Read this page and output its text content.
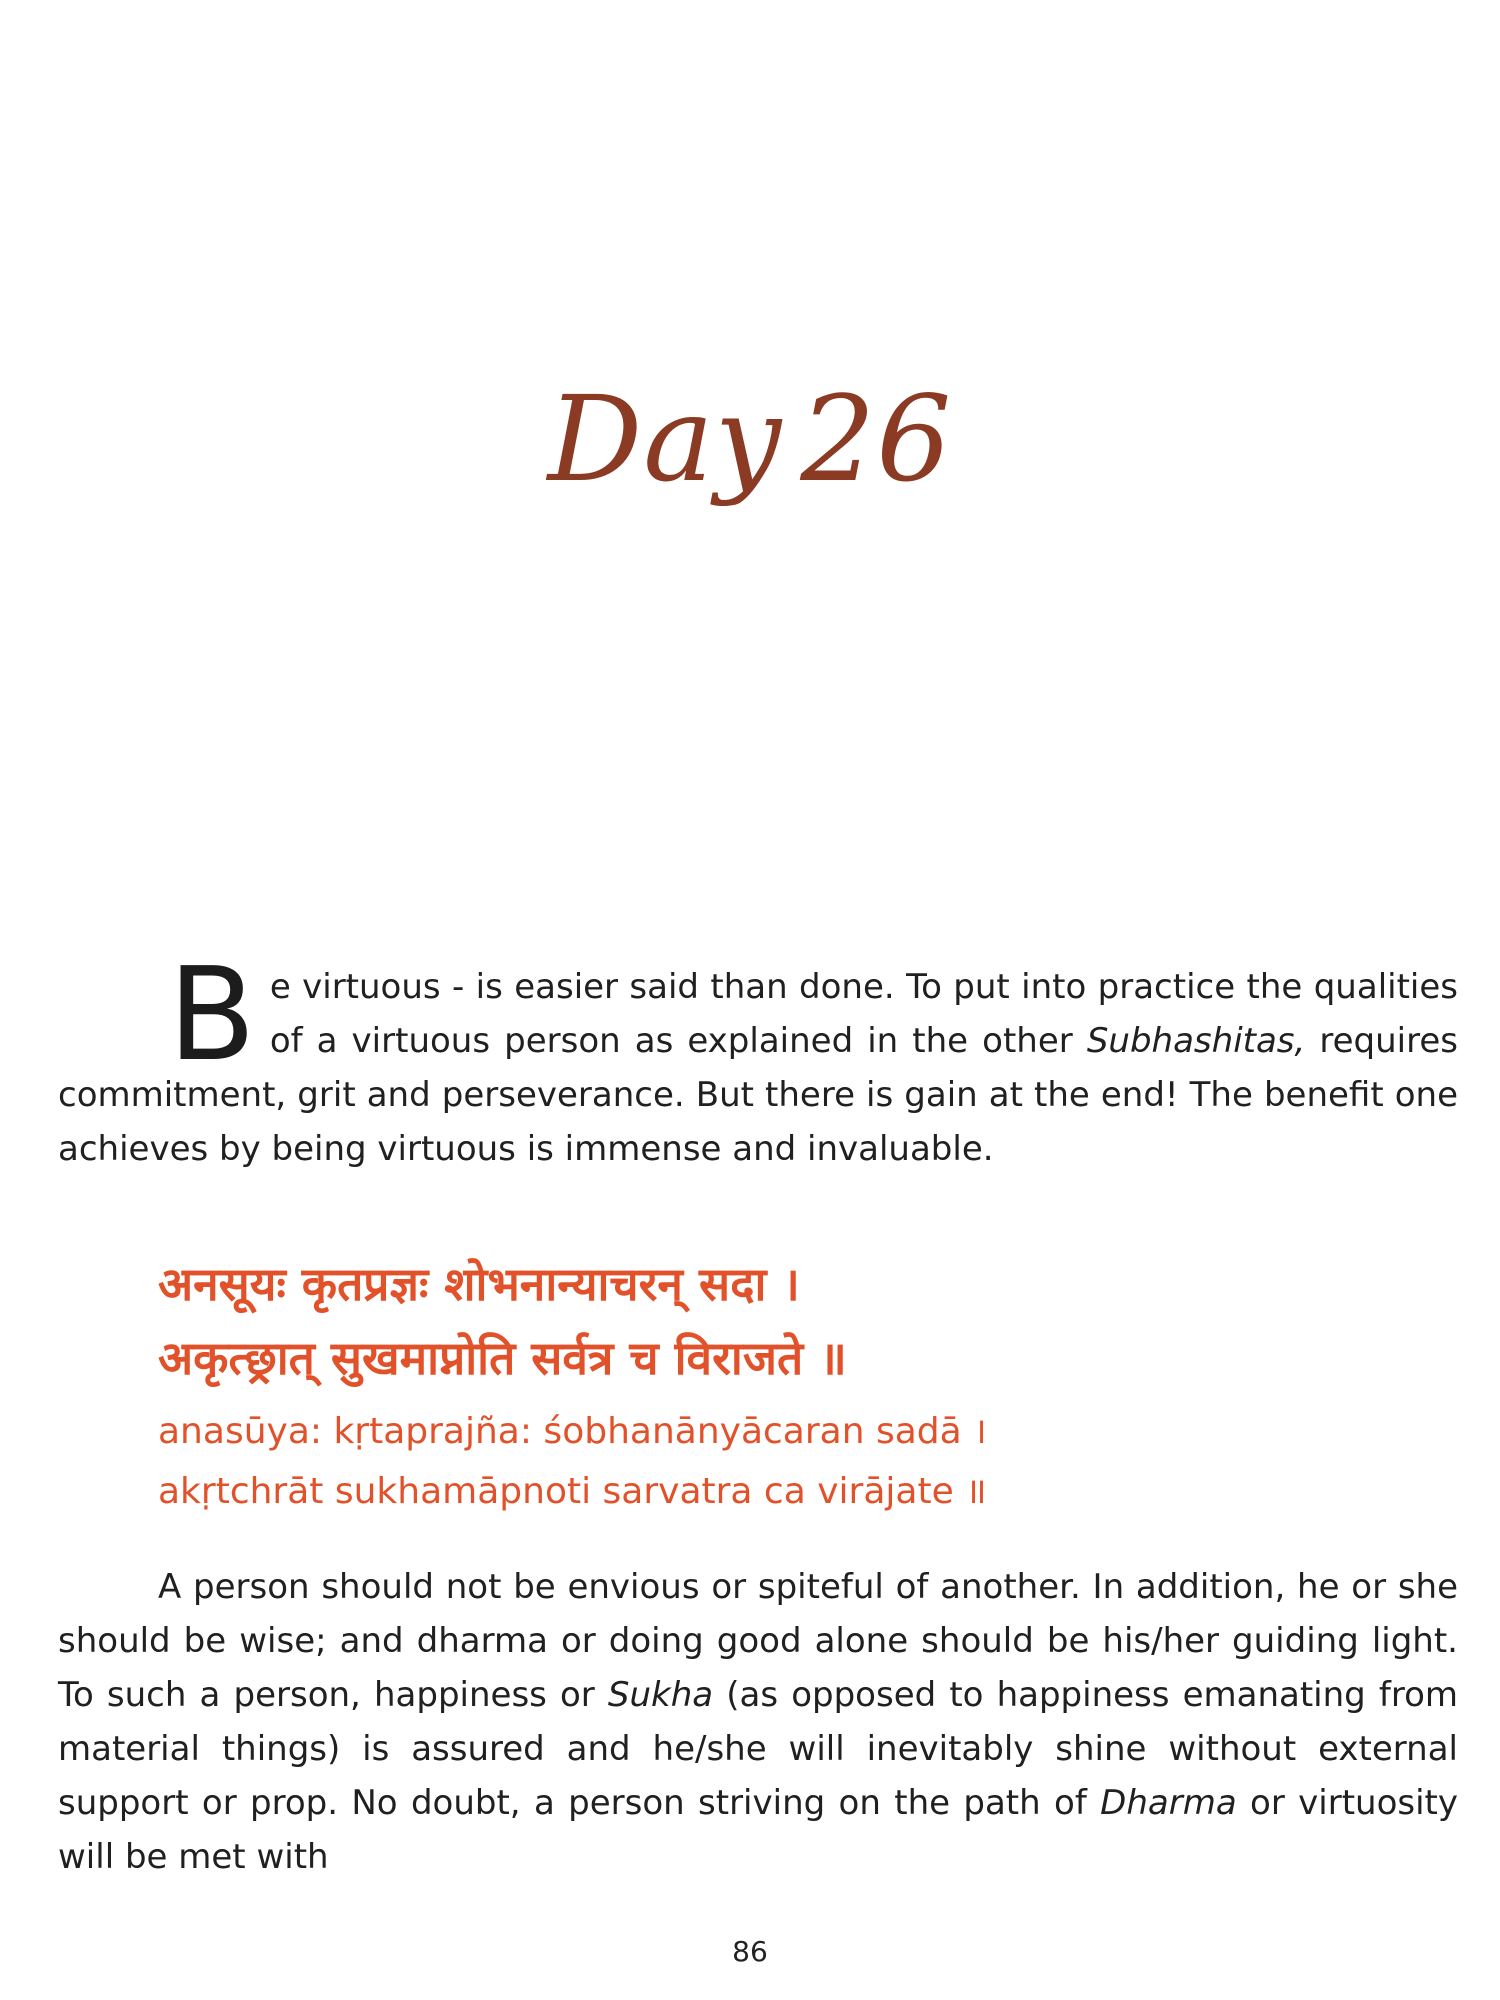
Day 26
B e virtuous - is easier said than done. To put into practice the qualities of a virtuous person as explained in the other Subhashitas, requires commitment, grit and perseverance. But there is gain at the end! The benefit one achieves by being virtuous is immense and invaluable.
अनसूयः कृतप्रज्ञः शोभनान्याचरन् सदा ।
अकृत्छ्रात् सुखमाप्नोति सर्वत्र च विराजते ॥
anasūya: kṛtaprajña: śobhanānyācaran sadā ।
akṛtchrāt sukhamāpnoti sarvatra ca virājate ॥
A person should not be envious or spiteful of another. In addition, he or she should be wise; and dharma or doing good alone should be his/her guiding light. To such a person, happiness or Sukha (as opposed to happiness emanating from material things) is assured and he/she will inevitably shine without external support or prop. No doubt, a person striving on the path of Dharma or virtuosity will be met with
86
